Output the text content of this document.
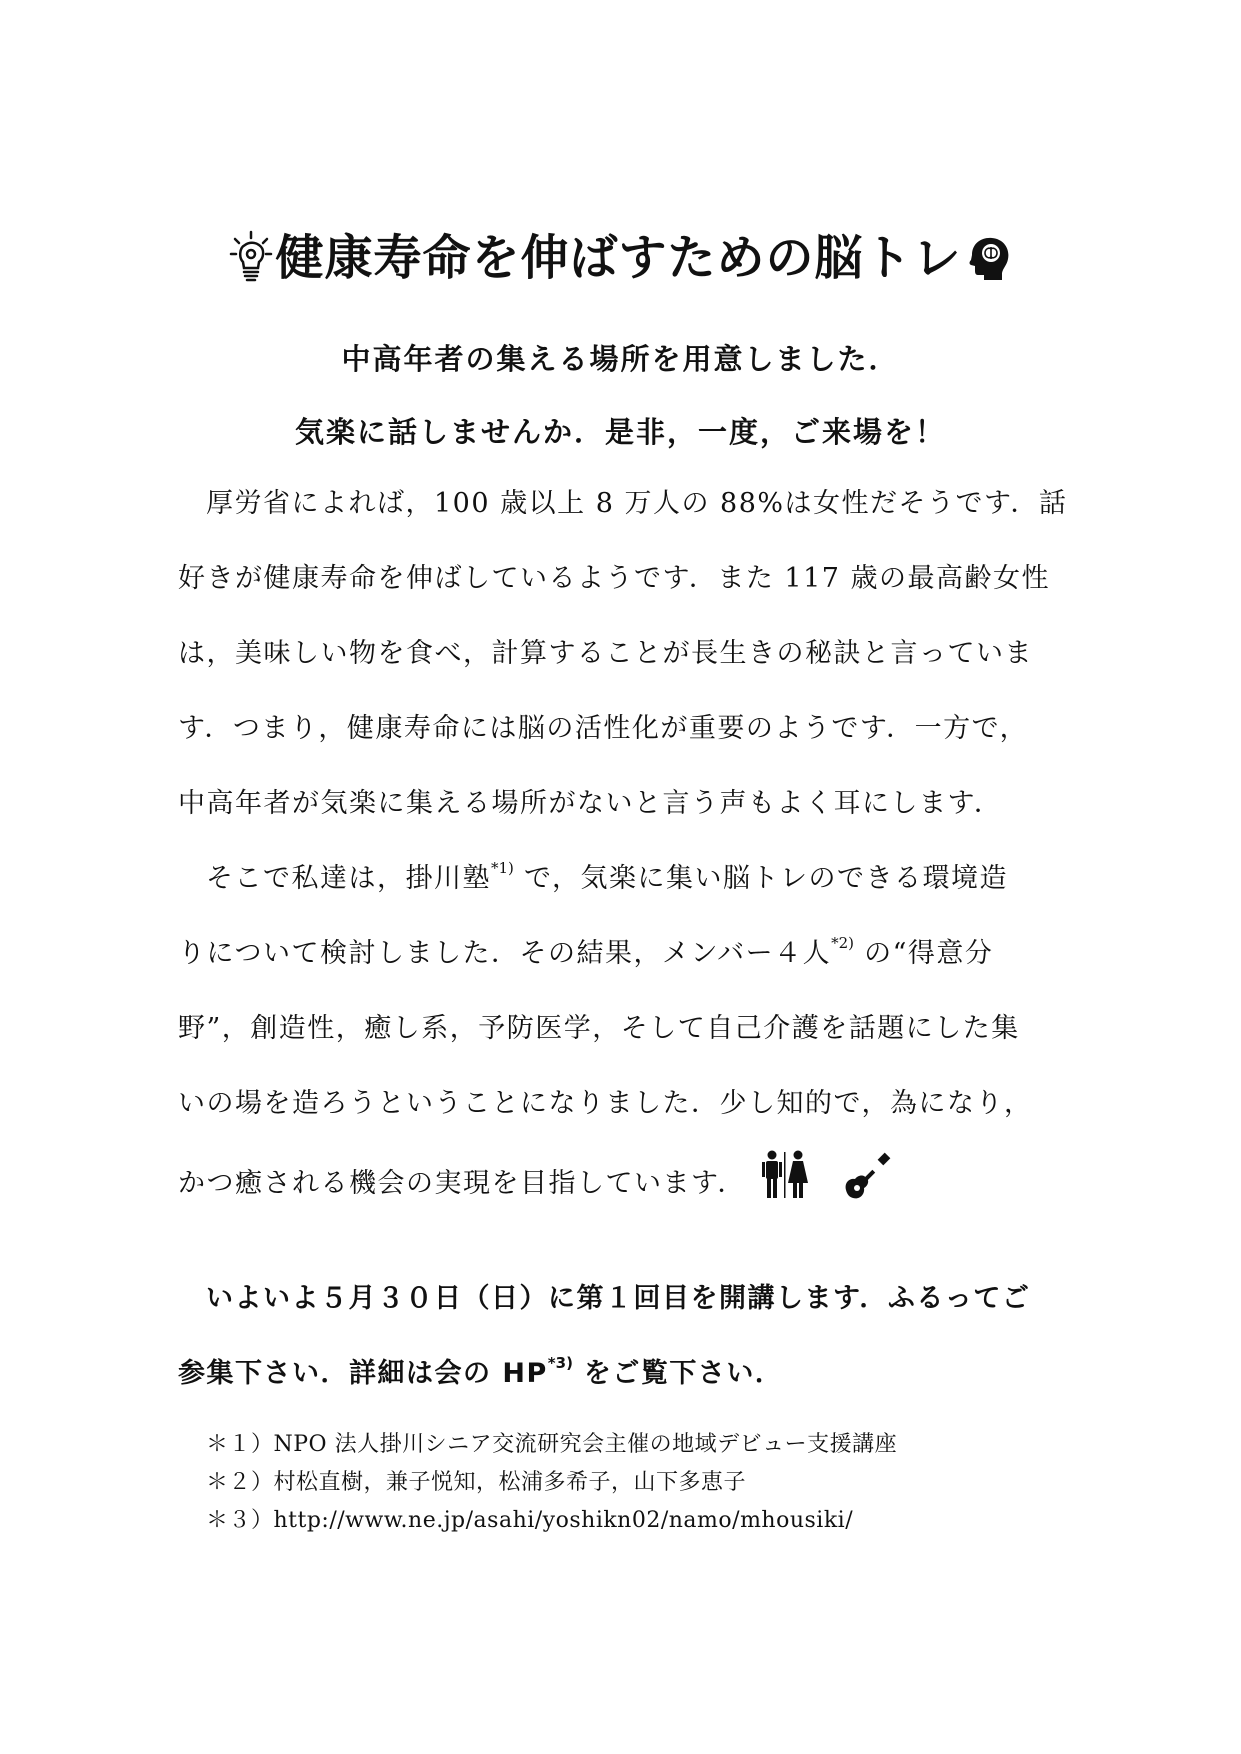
健康寿命を伸ばすための脳トレ
中高年者の集える場所を用意しました．
気楽に話しませんか．是非，一度，ご来場を！
厚労省によれば，100 歳以上 8 万人の 88%は女性だそうです．話
好きが健康寿命を伸ばしているようです．また 117 歳の最高齢女性
は，美味しい物を食べ，計算することが長生きの秘訣と言っていま
す．つまり，健康寿命には脳の活性化が重要のようです．一方で，
中高年者が気楽に集える場所がないと言う声もよく耳にします．
そこで私達は，掛川塾$^{*1)}$ で，気楽に集い脳トレのできる環境造
りについて検討しました．その結果，メンバー４人$^{*2)}$ の“得意分
野”，創造性，癒し系，予防医学，そして自己介護を話題にした集
いの場を造ろうということになりました．少し知的で，為になり，
かつ癒される機会の実現を目指しています．
いよいよ５月３０日（日）に第１回目を開講します．ふるってご
参集下さい．詳細は会の HP$^{*3)}$ をご覧下さい．
＊１）NPO 法人掛川シニア交流研究会主催の地域デビュー支援講座
＊２）村松直樹，兼子悦知，松浦多希子，山下多恵子
＊３）http://www.ne.jp/asahi/yoshikn02/namo/mhousiki/
